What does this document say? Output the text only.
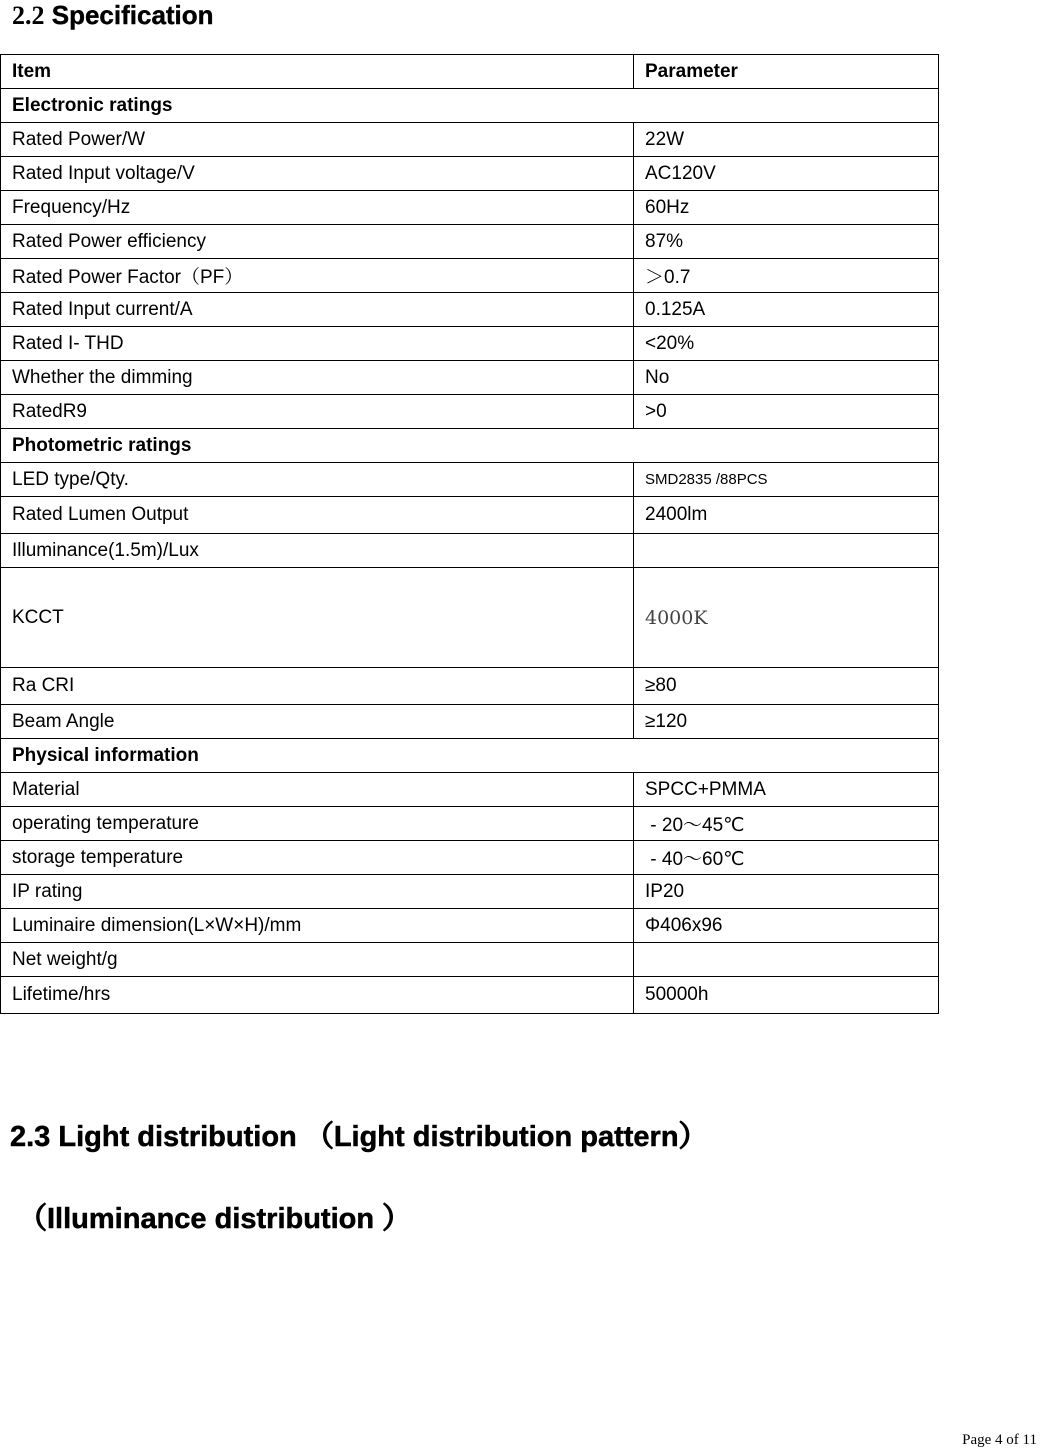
2.2 Specification
Item	Parameter
Electronic ratings	
Rated Power/W	22W
Rated Input voltage/V	AC120V
Frequency/Hz	60Hz
Rated Power efficiency	87%
Rated Power Factor（PF）	＞0.7
Rated Input current/A	0.125A
Rated I- THD	<20%
Whether the dimming	No
RatedR9	>0
Photometric ratings	
LED type/Qty.	SMD2835 /88PCS
Rated Lumen Output	2400lm
Illuminance(1.5m)/Lux	
KCCT	4000K
Ra CRI	≥80
Beam Angle	≥120
Physical information	
Material	SPCC+PMMA
operating temperature	- 20～45℃
storage temperature	- 40～60℃
IP rating	IP20
Luminaire dimension(L×W×H)/mm	Φ406x96
Net weight/g	
Lifetime/hrs	50000h
2.3 Light distribution （Light distribution pattern）
（Illuminance distribution ）
Page 4 of 11
